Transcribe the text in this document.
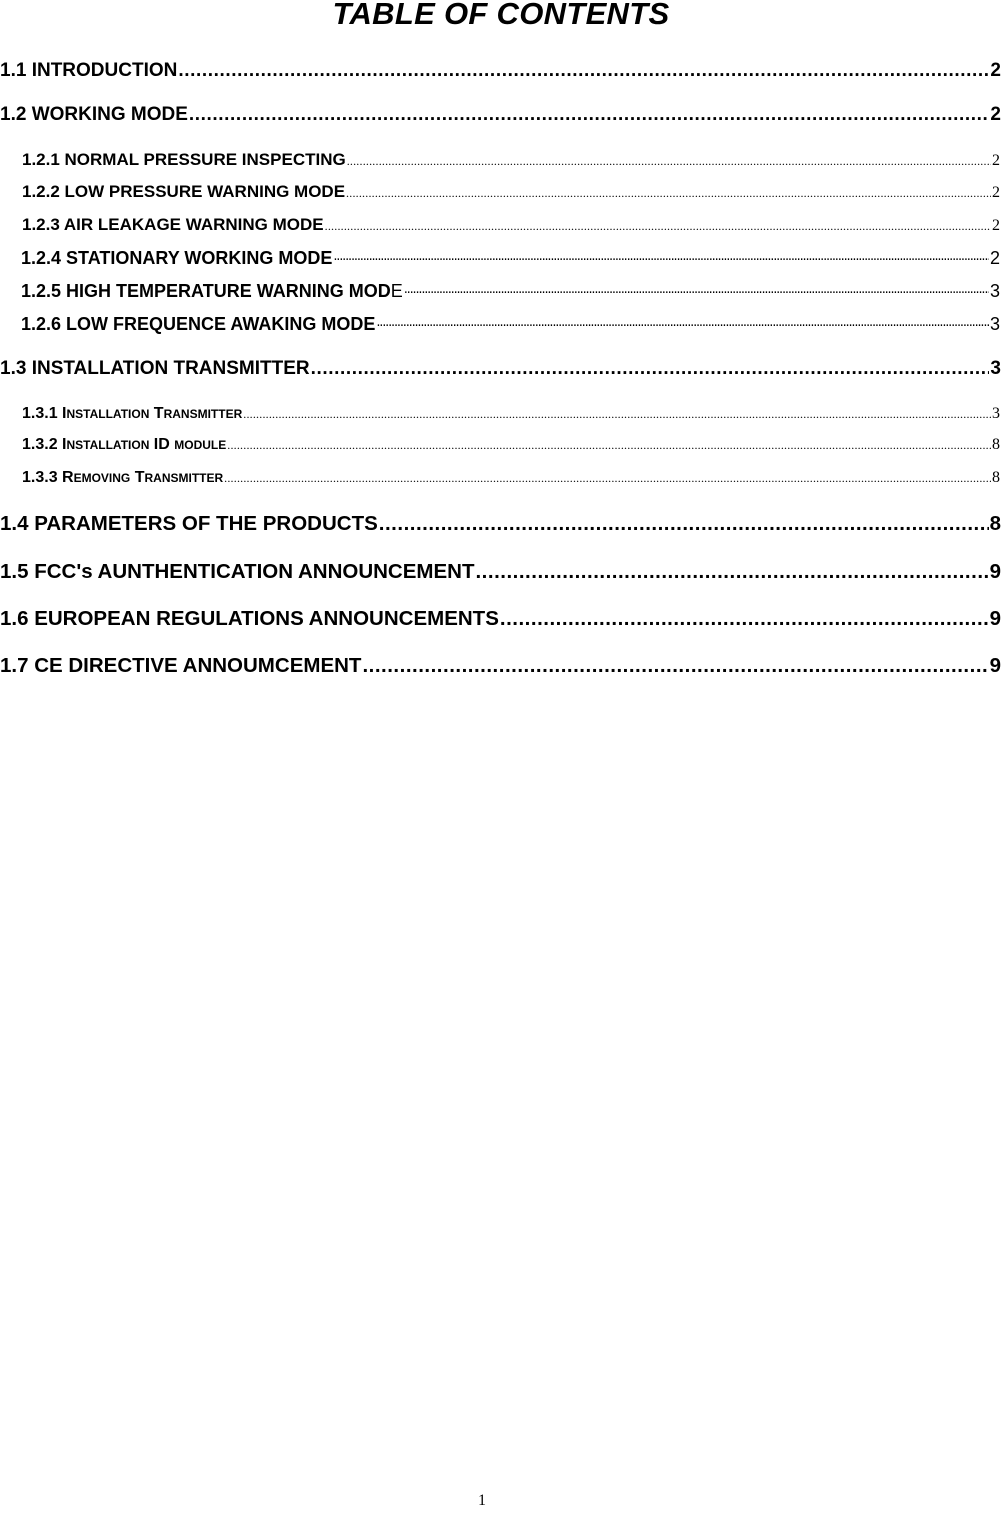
TABLE OF CONTENTS
1.1 INTRODUCTION .....	2
1.2 WORKING MODE .....	2
1.2.1 NORMAL PRESSURE INSPECTING .....	2
1.2.2 LOW PRESSURE WARNING MODE .....	2
1.2.3 AIR LEAKAGE WARNING MODE .....	2
1.2.4 STATIONARY WORKING MODE ·····	2
1.2.5 HIGH TEMPERATURE WARNING MODE ·····	3
1.2.6 LOW FREQUENCE AWAKING MODE ·····	3
1.3 INSTALLATION TRANSMITTER .....	3
1.3.1 INSTALLATION TRANSMITTER .....	3
1.3.2 INSTALLATION ID MODULE .....	8
1.3.3 REMOVING TRANSMITTER .....	8
1.4 PARAMETERS OF THE PRODUCTS .....	8
1.5 FCC's AUNTHENTICATION ANNOUNCEMENT .....	9
1.6 EUROPEAN REGULATIONS ANNOUNCEMENTS .....	9
1.7 CE DIRECTIVE ANNOUMCEMENT .....	9
1
